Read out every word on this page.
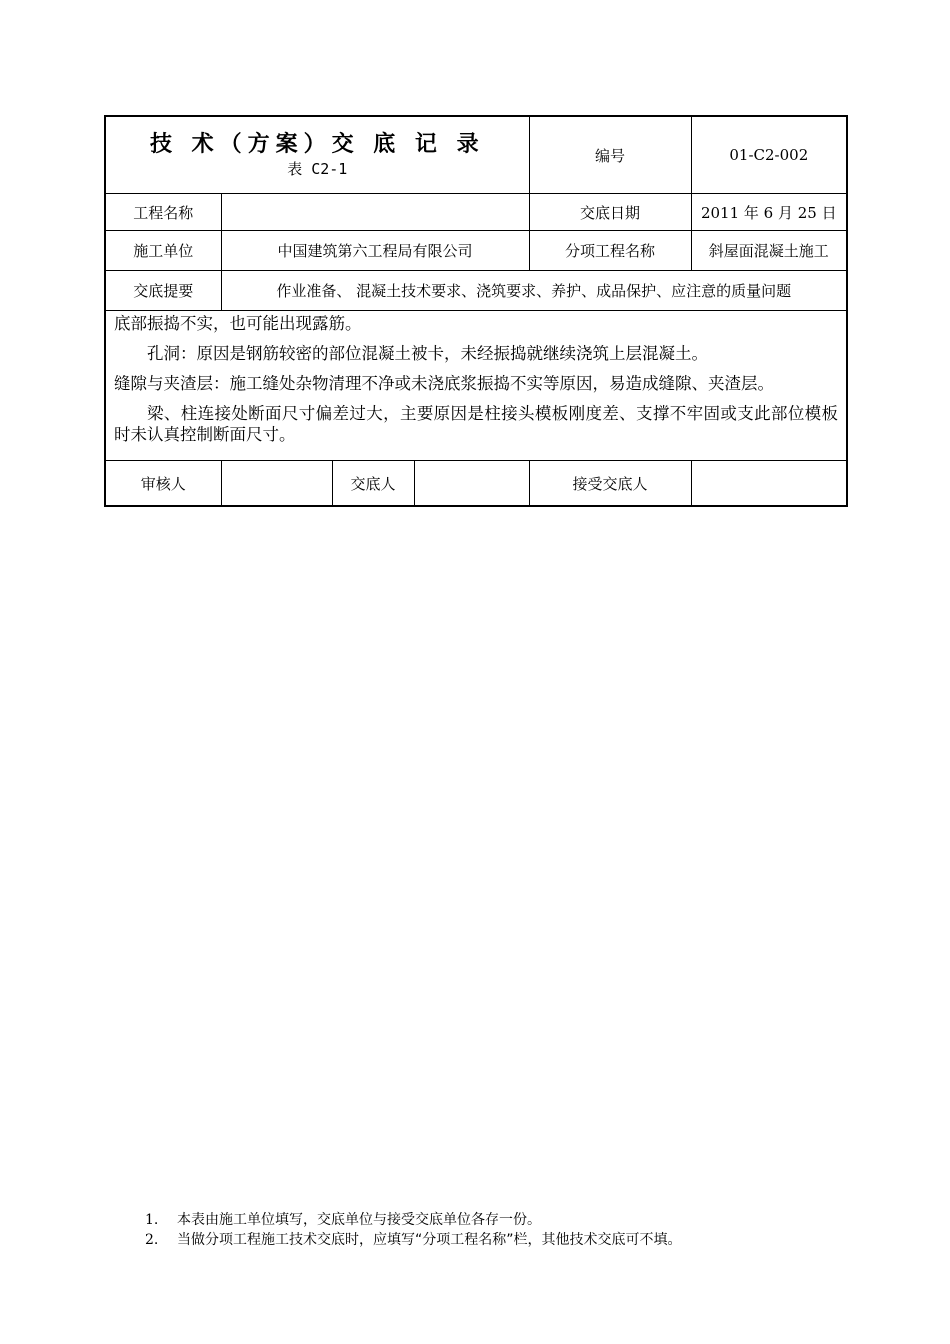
技 术（方案）交 底 记 录
表 C2-1				编号	01-C2-002
工程名称				交底日期	2011 年 6 月 25 日
施工单位	中国建筑第六工程局有限公司			分项工程名称	斜屋面混凝土施工
交底提要	作业准备、 混凝土技术要求、浇筑要求、养护、成品保护、应注意的质量问题				

底部振捣不实，也可能出现露筋。

孔洞：原因是钢筋较密的部位混凝土被卡，未经振捣就继续浇筑上层混凝土。

缝隙与夹渣层：施工缝处杂物清理不净或未浇底浆振捣不实等原因，易造成缝隙、夹渣层。

梁、柱连接处断面尺寸偏差过大，主要原因是柱接头模板刚度差、支撑不牢固或支此部位模板时未认真控制断面尺寸。					

审核人		交底人		接受交底人	
1.	本表由施工单位填写，交底单位与接受交底单位各存一份。
2.	当做分项工程施工技术交底时，应填写“分项工程名称”栏，其他技术交底可不填。
